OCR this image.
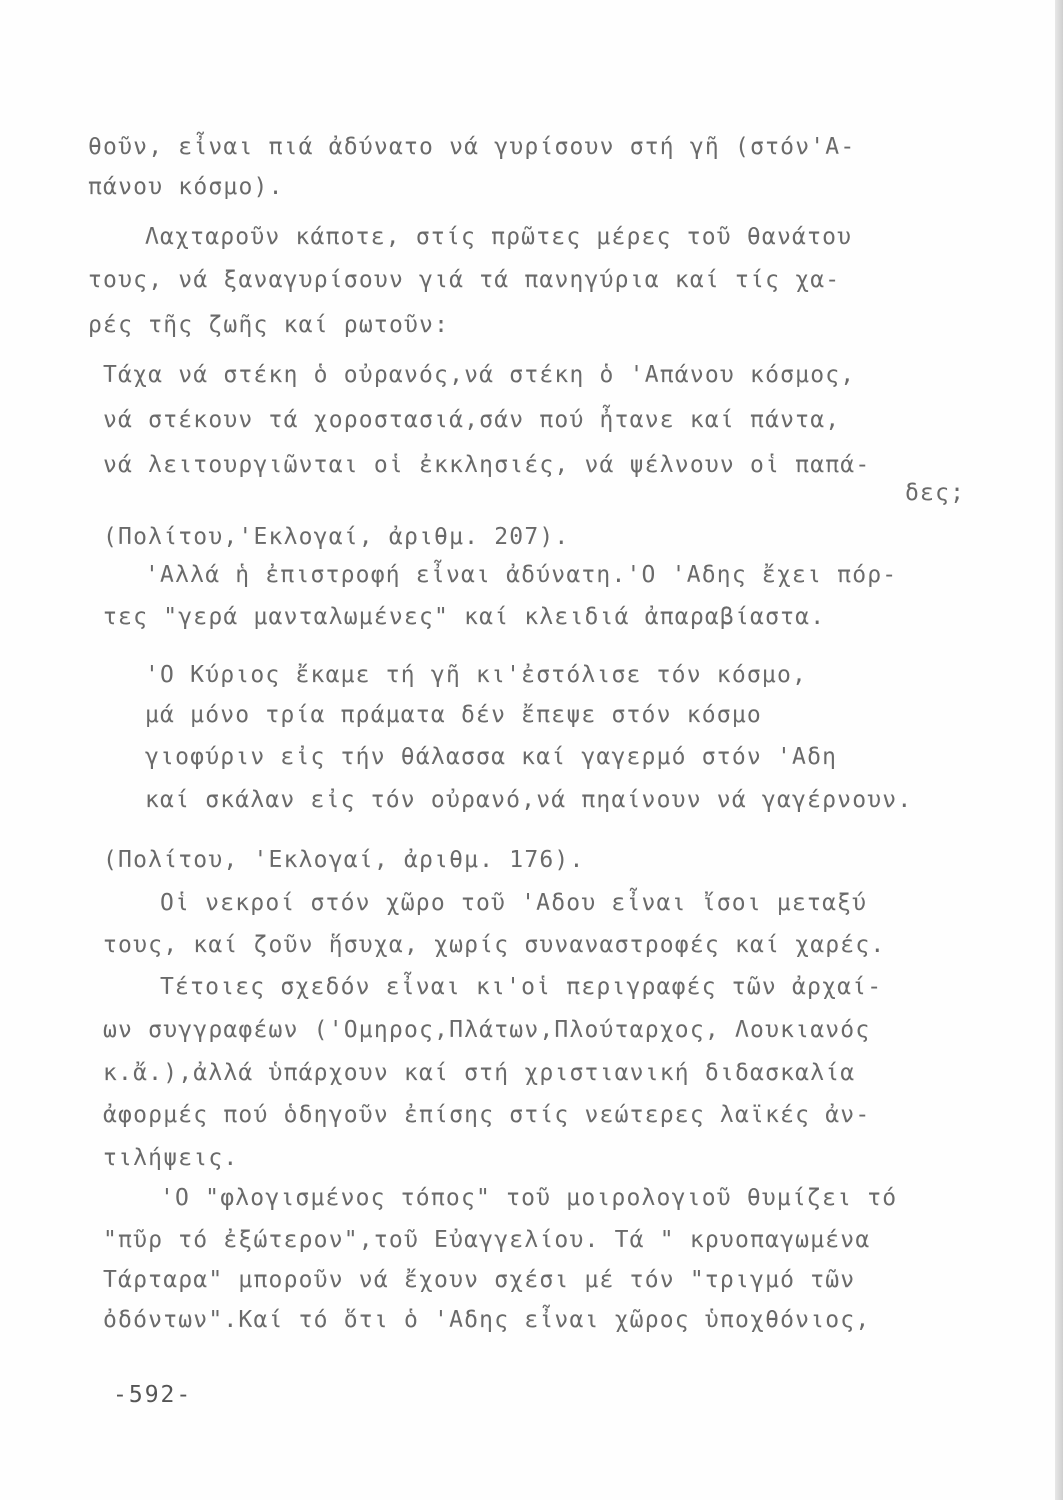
θοῦν, εἶναι πιά ἀδύνατο νά γυρίσουν στή γῆ (στόν'Α-
πάνου κόσμο).
Λαχταροῦν κάποτε, στίς πρῶτες μέρες τοῦ θανάτου
τους, νά ξαναγυρίσουν γιά τά πανηγύρια καί τίς χα-
ρές τῆς ζωῆς καί ρωτοῦν:
Τάχα νά στέκη ὁ οὐρανός,νά στέκη ὁ 'Απάνου κόσμος,
νά στέκουν τά χοροστασιά,σάν πού ἦτανε καί πάντα,
νά λειτουργιῶνται οἱ ἐκκλησιές, νά ψέλνουν οἱ παπά-
δες;
(Πολίτου,'Εκλογαί, ἀριθμ. 207).
'Αλλά ἡ ἐπιστροφή εἶναι ἀδύνατη.'Ο 'Αδης ἔχει πόρ-
τες "γερά μανταλωμένες" καί κλειδιά ἀπαραβίαστα.
'Ο Κύριος ἔκαμε τή γῆ κι'ἐστόλισε τόν κόσμο,
μά μόνο τρία πράματα δέν ἔπεψε στόν κόσμο
γιοφύριν εἰς τήν θάλασσα καί γαγερμό στόν 'Αδη
καί σκάλαν εἰς τόν οὐρανό,νά πηαίνουν νά γαγέρνουν.
(Πολίτου, 'Εκλογαί, ἀριθμ. 176).
Οἱ νεκροί στόν χῶρο τοῦ 'Αδου εἶναι ἴσοι μεταξύ
τους, καί ζοῦν ἥσυχα, χωρίς συναναστροφές καί χαρές.
Τέτοιες σχεδόν εἶναι κι'οἱ περιγραφές τῶν ἀρχαί-
ων συγγραφέων ('Ομηρος,Πλάτων,Πλούταρχος, Λουκιανός
κ.ἄ.),ἀλλά ὑπάρχουν καί στή χριστιανική διδασκαλία
ἀφορμές πού ὁδηγοῦν ἐπίσης στίς νεώτερες λαϊκές ἀν-
τιλήψεις.
'Ο "φλογισμένος τόπος" τοῦ μοιρολογιοῦ θυμίζει τό
"πῦρ τό ἐξώτερον",τοῦ Εὐαγγελίου. Τά " κρυοπαγωμένα
Τάρταρα" μποροῦν νά ἔχουν σχέσι μέ τόν "τριγμό τῶν
ὀδόντων".Καί τό ὅτι ὁ 'Αδης εἶναι χῶρος ὑποχθόνιος,
-592-
